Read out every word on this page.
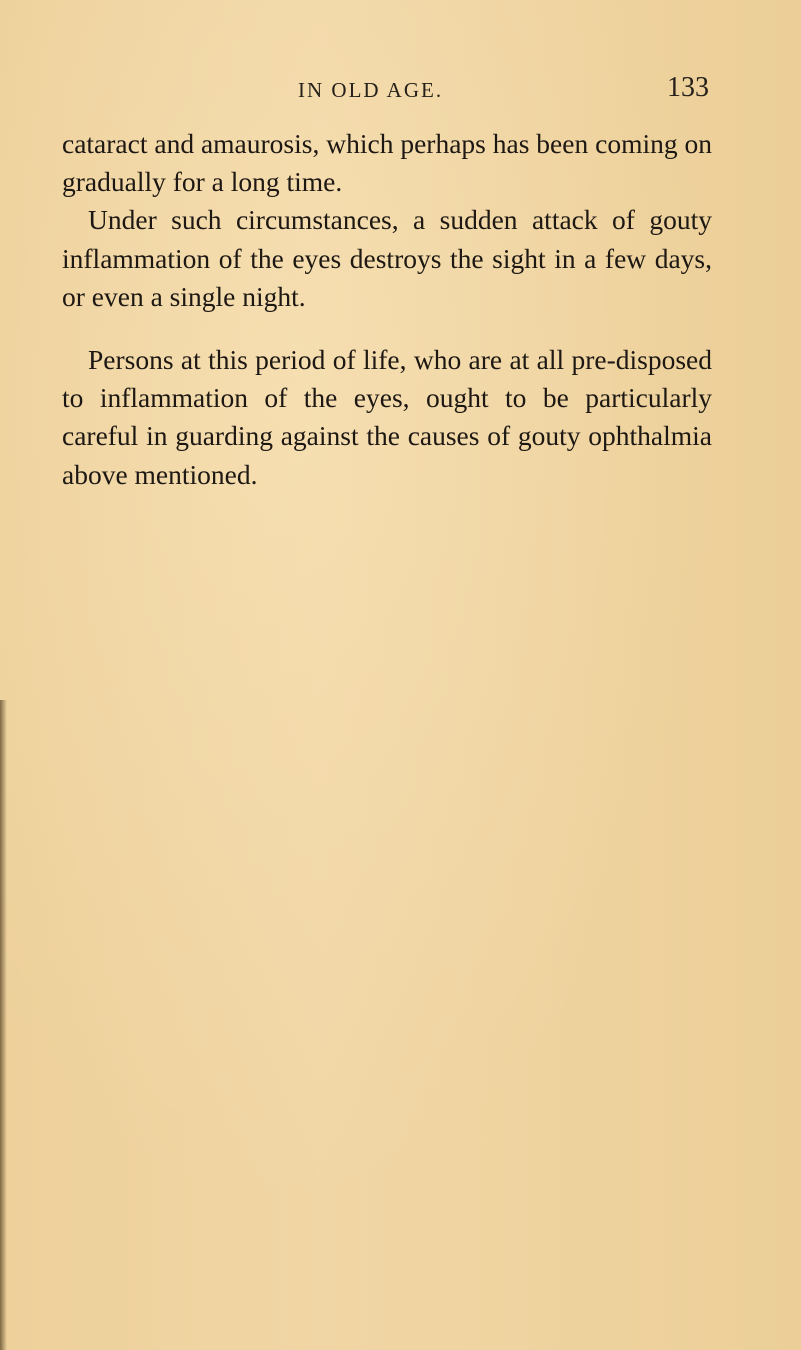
IN OLD AGE.	133

cataract and amaurosis, which perhaps has been coming on gradually for a long time.

Under such circumstances, a sudden attack of gouty inflammation of the eyes destroys the sight in a few days, or even a single night.

Persons at this period of life, who are at all pre-disposed to inflammation of the eyes, ought to be particularly careful in guarding against the causes of gouty ophthalmia above mentioned.
